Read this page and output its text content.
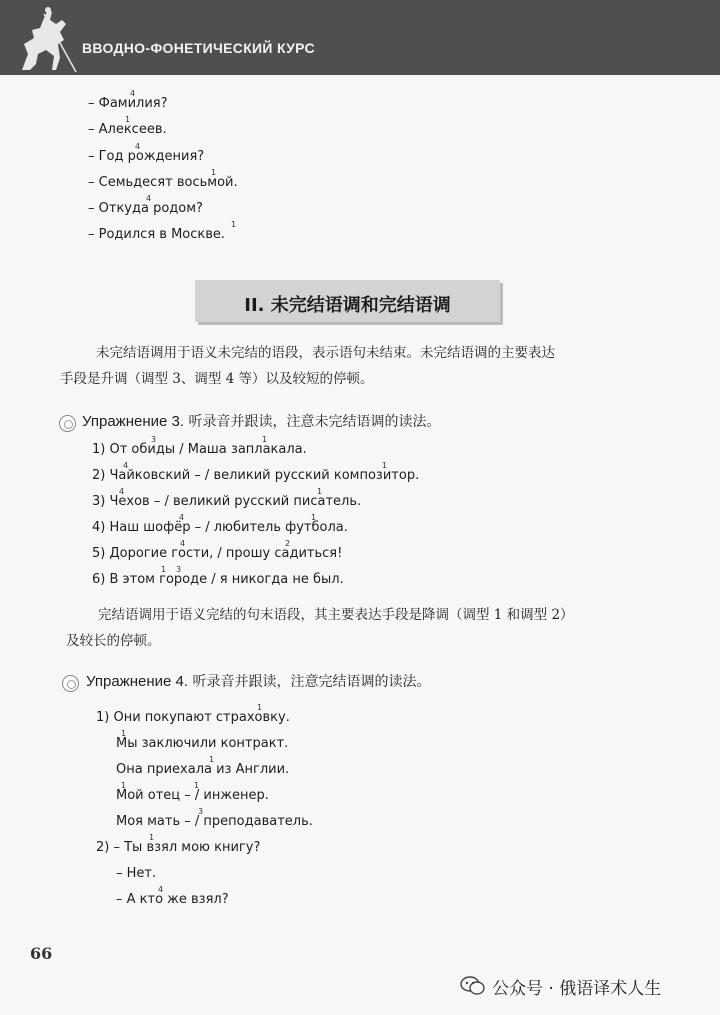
ВВОДНО-ФОНЕТИЧЕСКИЙ КУРС
– Фамилия?
– Алексеев.
– Год рождения?
– Семьдесят восьмой.
– Откуда родом?
– Родился в Москве.
II. 未完结语调和完结语调
未完结语调用于语义未完结的语段，表示语句未结束。未完结语调的主要表达
手段是升调（调型 3、调型 4 等）以及较短的停顿。
Упражнение 3. 听录音并跟读，注意未完结语调的读法。
1) От обиды / Маша заплакала.
2) Чайковский – / великий русский композитор.
3) Чехов – / великий русский писатель.
4) Наш шофёр – / любитель футбола.
5) Дорогие гости, / прошу садиться!
6) В этом городе / я никогда не был.
完结语调用于语义完结的句末语段，其主要表达手段是降调（调型 1 和调型 2）
及较长的停顿。
Упражнение 4. 听录音并跟读，注意完结语调的读法。
1) Они покупают страховку.
Мы заключили контракт.
Она приехала из Англии.
Мой отец – / инженер.
Моя мать – / преподаватель.
2) – Ты взял мою книгу?
– Нет.
– А кто же взял?
4
1
4
1
4
1
3	1
4	1
4	1
4	1
4	2
3
1
1
1
1
1	1
3
1
4
66
公众号 · 俄语译术人生
